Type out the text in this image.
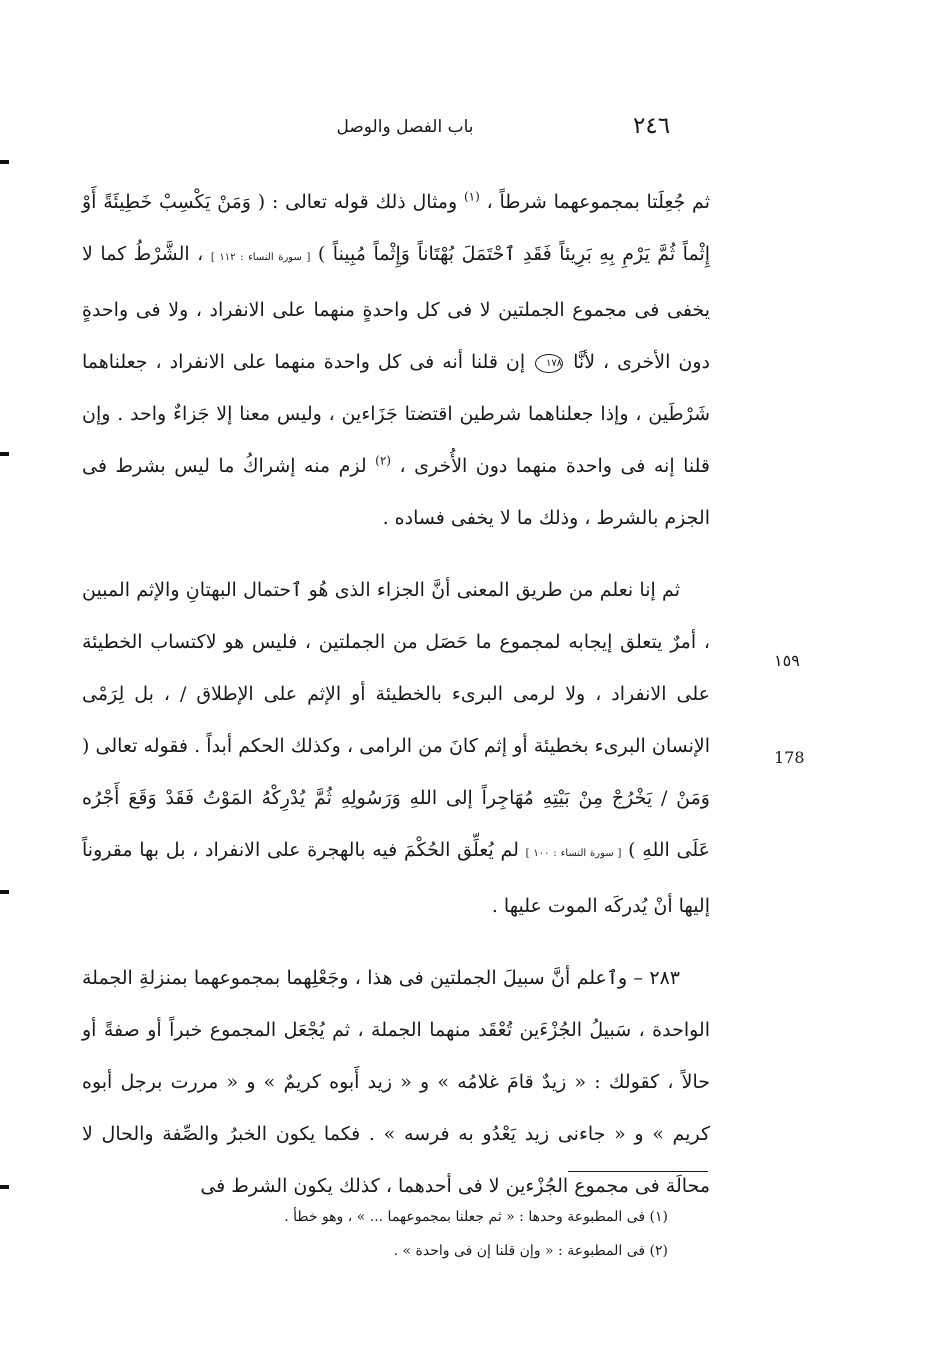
٢٤٦
باب الفصل والوصل

ثم جُعِلَتا بمجموعهما شرطاً ، $^{(١)}$ ومثال ذلك قوله تعالى : ( وَمَنْ يَكْسِبْ خَطِيئَةً أَوْ إِثْماً ثُمَّ يَرْمِ بِهِ بَرِيئاً فَقَدِ ٱحْتَمَلَ بُهْتَاناً وَإِثْماً مُبِيناً ) [ سورة النساء : ١١٢ ] ، الشَّرْطُ كما لا يخفى فى مجموع الجملتين لا فى كل واحدةٍ منهما على الانفراد ، ولا فى واحدةٍ دون الأخرى ، لأنَّا ١٧٨ إن قلنا أنه فى كل واحدة منهما على الانفراد ، جعلناهما شَرْطَين ، وإذا جعلناهما شرطين اقتضتا جَزَاءين ، وليس معنا إلا جَزاءٌ واحد . وإن قلنا إنه فى واحدة منهما دون الأُخرى ، $^{(٢)}$ لزم منه إشراكُ ما ليس بشرط فى الجزم بالشرط ، وذلك ما لا يخفى فساده .

ثم إنا نعلم من طريق المعنى أنَّ الجزاء الذى هُو ٱحتمال البهتانِ والإثم المبين ، أمرٌ يتعلق إيجابه لمجموع ما حَصَل من الجملتين ، فليس هو لاكتساب الخطيئة على الانفراد ، ولا لرمى البرىء بالخطيئة أو الإثم على الإطلاق / ، بل لِرَمْى الإنسان البرىء بخطيئة أو إثم كانَ من الرامى ، وكذلك الحكم أبداً . فقوله تعالى ( وَمَنْ / يَخْرُجْ مِنْ بَيْتِهِ مُهَاجِراً إلى اللهِ وَرَسُولِهِ ثُمَّ يُدْرِكْهُ المَوْتُ فَقَدْ وَقَعَ أَجْرُه عَلَى اللهِ ) [ سورة النساء : ١٠٠ ] لم يُعلِّق الحُكْمَ فيه بالهجرة على الانفراد ، بل بها مقروناً إليها أنْ يُدركَه الموت عليها .

٢٨٣ – وٱعلم أنَّ سبيلَ الجملتين فى هذا ، وجَعْلِهما بمجموعهما بمنزلةِ الجملة الواحدة ، سَبيلُ الجُزْءَين تُعْقَد منهما الجملة ، ثم يُجْعَل المجموع خبراً أو صفةً أو حالاً ، كقولك : « زيدٌ قامَ غلامُه » و « زيد أَبوه كريمٌ » و « مررت برجل أبوه كريم » و « جاءنى زيد يَعْدُو به فرسه » . فكما يكون الخبرُ والصِّفة والحال لا محالَة فى مجموع الجُزْءين لا فى أحدهما ، كذلك يكون الشرط فى

١٥٩
178

(١) فى المطبوعة وحدها : « ثم جعلنا بمجموعهما ... » ، وهو خطأ .

(٢) فى المطبوعة : « وإن قلنا إن فى واحدة » .
